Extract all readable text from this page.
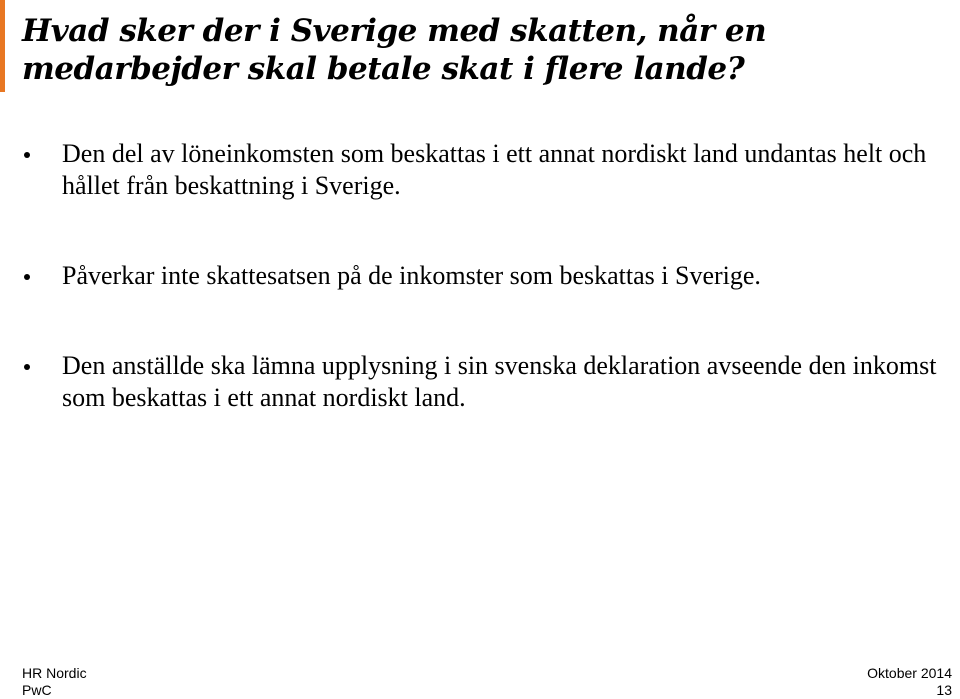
Hvad sker der i Sverige med skatten, når en medarbejder skal betale skat i flere lande?
Den del av löneinkomsten som beskattas i ett annat nordiskt land undantas helt och hållet från beskattning i Sverige.
Påverkar inte skattesatsen på de inkomster som beskattas i Sverige.
Den anställde ska lämna upplysning i sin svenska deklaration avseende den inkomst som beskattas i ett annat nordiskt land.
HR Nordic
PwC
Oktober 2014
13
